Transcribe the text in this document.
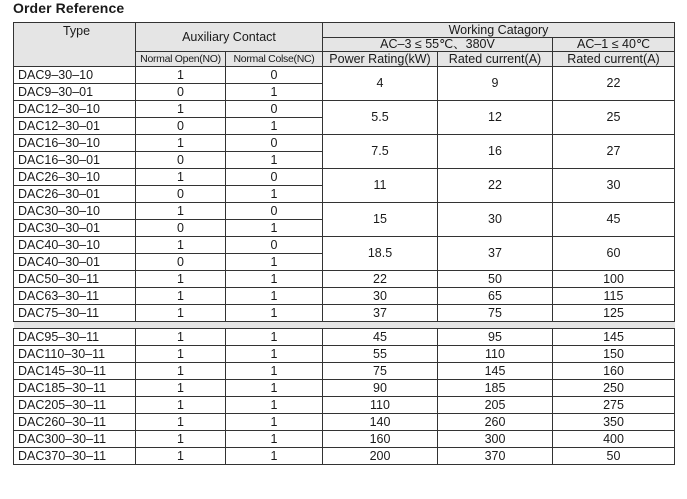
Order Reference
Type	Auxiliary Contact		Working Catagory		
			AC–3 ≤ 55℃、380V		AC–1 ≤ 40℃
	Normal Open(NO)	Normal Colse(NC)	Power Rating(kW)	Rated current(A)	Rated current(A)
DAC9–30–10	1	0	4	9	22
DAC9–30–01	0	1			
DAC12–30–10	1	0	5.5	12	25
DAC12–30–01	0	1			
DAC16–30–10	1	0	7.5	16	27
DAC16–30–01	0	1			
DAC26–30–10	1	0	11	22	30
DAC26–30–01	0	1			
DAC30–30–10	1	0	15	30	45
DAC30–30–01	0	1			
DAC40–30–10	1	0	18.5	37	60
DAC40–30–01	0	1			
DAC50–30–11	1	1	22	50	100
DAC63–30–11	1	1	30	65	115
DAC75–30–11	1	1	37	75	125

DAC95–30–11	1	1	45	95	145
DAC110–30–11	1	1	55	110	150
DAC145–30–11	1	1	75	145	160
DAC185–30–11	1	1	90	185	250
DAC205–30–11	1	1	110	205	275
DAC260–30–11	1	1	140	260	350
DAC300–30–11	1	1	160	300	400
DAC370–30–11	1	1	200	370	50
